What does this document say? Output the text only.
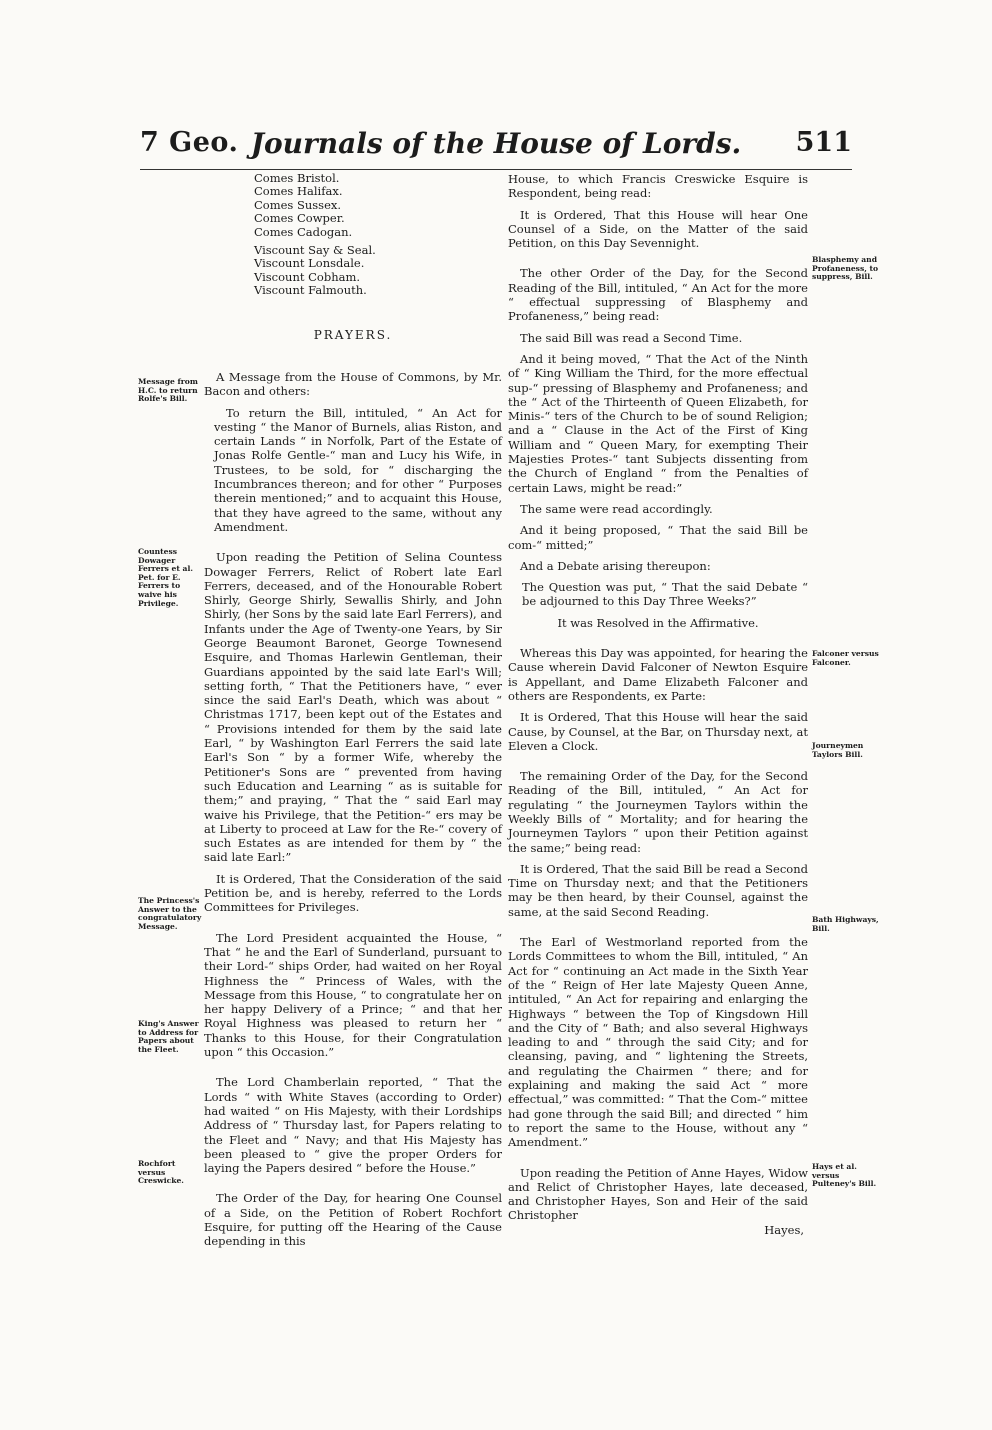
7 Geo. Journals of the House of Lords.	511
Message from H.C. to return Rolfe's Bill.
Countess Dowager Ferrers et al. Pet. for E. Ferrers to waive his Privilege.
The Princess's Answer to the congratulatory Message.
King's Answer to Address for Papers about the Fleet.
Rochfort versus Creswicke.
Blasphemy and Profaneness, to suppress, Bill.
Falconer versus Falconer.
Journeymen Taylors Bill.
Bath Highways, Bill.
Hays et al. versus Pulteney's Bill.
Comes Bristol.
Comes Halifax.
Comes Sussex.
Comes Cowper.
Comes Cadogan.
Viscount Say & Seal.
Viscount Lonsdale.
Viscount Cobham.
Viscount Falmouth.
PRAYERS.

A Message from the House of Commons, by Mr. Bacon and others:

To return the Bill, intituled, “ An Act for vesting “ the Manor of Burnels, alias Riston, and certain Lands “ in Norfolk, Part of the Estate of Jonas Rolfe Gentle-“ man and Lucy his Wife, in Trustees, to be sold, for “ discharging the Incumbrances thereon; and for other “ Purposes therein mentioned;” and to acquaint this House, that they have agreed to the same, without any Amendment.

Upon reading the Petition of Selina Countess Dowager Ferrers, Relict of Robert late Earl Ferrers, deceased, and of the Honourable Robert Shirly, George Shirly, Sewallis Shirly, and John Shirly, (her Sons by the said late Earl Ferrers), and Infants under the Age of Twenty-one Years, by Sir George Beaumont Baronet, George Townesend Esquire, and Thomas Harlewin Gentleman, their Guardians appointed by the said late Earl's Will; setting forth, “ That the Petitioners have, “ ever since the said Earl's Death, which was about “ Christmas 1717, been kept out of the Estates and “ Provisions intended for them by the said late Earl, “ by Washington Earl Ferrers the said late Earl's Son “ by a former Wife, whereby the Petitioner's Sons are “ prevented from having such Education and Learning “ as is suitable for them;” and praying, “ That the “ said Earl may waive his Privilege, that the Petition-“ ers may be at Liberty to proceed at Law for the Re-“ covery of such Estates as are intended for them by “ the said late Earl:”

It is Ordered, That the Consideration of the said Petition be, and is hereby, referred to the Lords Committees for Privileges.

The Lord President acquainted the House, “ That “ he and the Earl of Sunderland, pursuant to their Lord-“ ships Order, had waited on her Royal Highness the “ Princess of Wales, with the Message from this House, “ to congratulate her on her happy Delivery of a Prince; “ and that her Royal Highness was pleased to return her “ Thanks to this House, for their Congratulation upon “ this Occasion.”

The Lord Chamberlain reported, “ That the Lords “ with White Staves (according to Order) had waited “ on His Majesty, with their Lordships Address of “ Thursday last, for Papers relating to the Fleet and “ Navy; and that His Majesty has been pleased to “ give the proper Orders for laying the Papers desired “ before the House.”

The Order of the Day, for hearing One Counsel of a Side, on the Petition of Robert Rochfort Esquire, for putting off the Hearing of the Cause depending in this

House, to which Francis Creswicke Esquire is Respondent, being read:

It is Ordered, That this House will hear One Counsel of a Side, on the Matter of the said Petition, on this Day Sevennight.

The other Order of the Day, for the Second Reading of the Bill, intituled, “ An Act for the more “ effectual suppressing of Blasphemy and Profaneness,” being read:

The said Bill was read a Second Time.

And it being moved, “ That the Act of the Ninth of “ King William the Third, for the more effectual sup-“ pressing of Blasphemy and Profaneness; and the “ Act of the Thirteenth of Queen Elizabeth, for Minis-“ ters of the Church to be of sound Religion; and a “ Clause in the Act of the First of King William and “ Queen Mary, for exempting Their Majesties Protes-“ tant Subjects dissenting from the Church of England “ from the Penalties of certain Laws, might be read:”

The same were read accordingly.

And it being proposed, “ That the said Bill be com-“ mitted;”

And a Debate arising thereupon:

The Question was put, “ That the said Debate “ be adjourned to this Day Three Weeks?”

It was Resolved in the Affirmative.

Whereas this Day was appointed, for hearing the Cause wherein David Falconer of Newton Esquire is Appellant, and Dame Elizabeth Falconer and others are Respondents, ex Parte:

It is Ordered, That this House will hear the said Cause, by Counsel, at the Bar, on Thursday next, at Eleven a Clock.

The remaining Order of the Day, for the Second Reading of the Bill, intituled, “ An Act for regulating “ the Journeymen Taylors within the Weekly Bills of “ Mortality; and for hearing the Journeymen Taylors “ upon their Petition against the same;” being read:

It is Ordered, That the said Bill be read a Second Time on Thursday next; and that the Petitioners may be then heard, by their Counsel, against the same, at the said Second Reading.

The Earl of Westmorland reported from the Lords Committees to whom the Bill, intituled, “ An Act for “ continuing an Act made in the Sixth Year of the “ Reign of Her late Majesty Queen Anne, intituled, “ An Act for repairing and enlarging the Highways “ between the Top of Kingsdown Hill and the City of “ Bath; and also several Highways leading to and “ through the said City; and for cleansing, paving, and “ lightening the Streets, and regulating the Chairmen “ there; and for explaining and making the said Act “ more effectual,” was committed: “ That the Com-“ mittee had gone through the said Bill; and directed “ him to report the same to the House, without any “ Amendment.”

Upon reading the Petition of Anne Hayes, Widow and Relict of Christopher Hayes, late deceased, and Christopher Hayes, Son and Heir of the said Christopher

Hayes,
